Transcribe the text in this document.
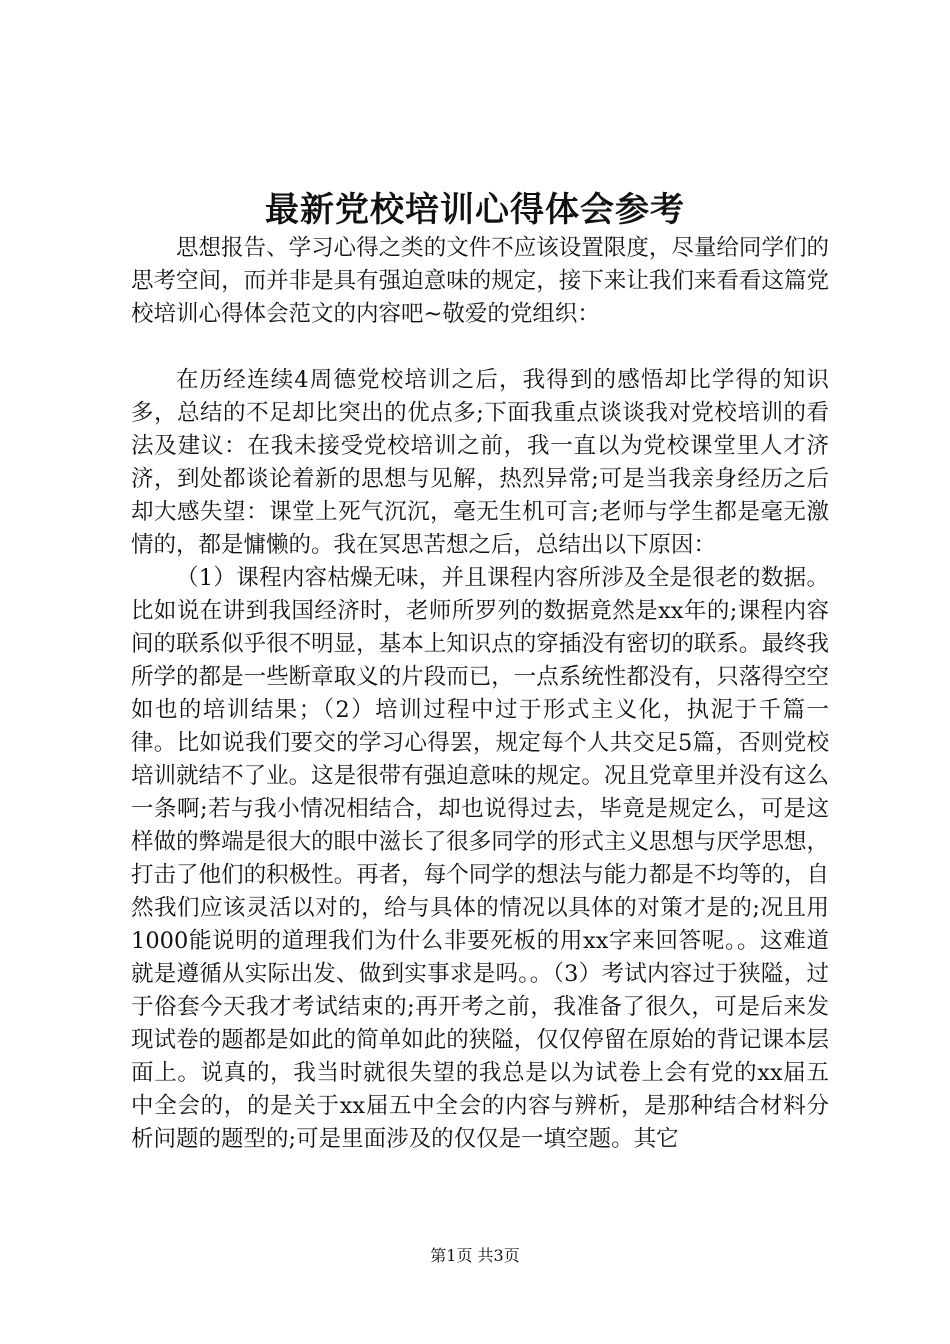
最新党校培训心得体会参考

思想报告、学习心得之类的文件不应该设置限度，尽量给同学们的思考空间，而并非是具有强迫意味的规定，接下来让我们来看看这篇党校培训心得体会范文的内容吧~敬爱的党组织：

在历经连续4周德党校培训之后，我得到的感悟却比学得的知识多，总结的不足却比突出的优点多;下面我重点谈谈我对党校培训的看法及建议：在我未接受党校培训之前，我一直以为党校课堂里人才济济，到处都谈论着新的思想与见解，热烈异常;可是当我亲身经历之后却大感失望：课堂上死气沉沉，毫无生机可言;老师与学生都是毫无激情的，都是慵懒的。我在冥思苦想之后，总结出以下原因：

（1）课程内容枯燥无味，并且课程内容所涉及全是很老的数据。比如说在讲到我国经济时，老师所罗列的数据竟然是xx年的;课程内容间的联系似乎很不明显，基本上知识点的穿插没有密切的联系。最终我所学的都是一些断章取义的片段而已，一点系统性都没有，只落得空空如也的培训结果；（2）培训过程中过于形式主义化，执泥于千篇一律。比如说我们要交的学习心得罢，规定每个人共交足5篇，否则党校培训就结不了业。这是很带有强迫意味的规定。况且党章里并没有这么一条啊;若与我小情况相结合，却也说得过去，毕竟是规定么，可是这样做的弊端是很大的眼中滋长了很多同学的形式主义思想与厌学思想，打击了他们的积极性。再者，每个同学的想法与能力都是不均等的，自然我们应该灵活以对的，给与具体的情况以具体的对策才是的;况且用1000能说明的道理我们为什么非要死板的用xx字来回答呢。。这难道就是遵循从实际出发、做到实事求是吗。。（3）考试内容过于狭隘，过于俗套今天我才考试结束的;再开考之前，我准备了很久，可是后来发现试卷的题都是如此的简单如此的狭隘，仅仅停留在原始的背记课本层面上。说真的，我当时就很失望的我总是以为试卷上会有党的xx届五中全会的，的是关于xx届五中全会的内容与辨析，是那种结合材料分析问题的题型的;可是里面涉及的仅仅是一填空题。其它

第1页 共3页
